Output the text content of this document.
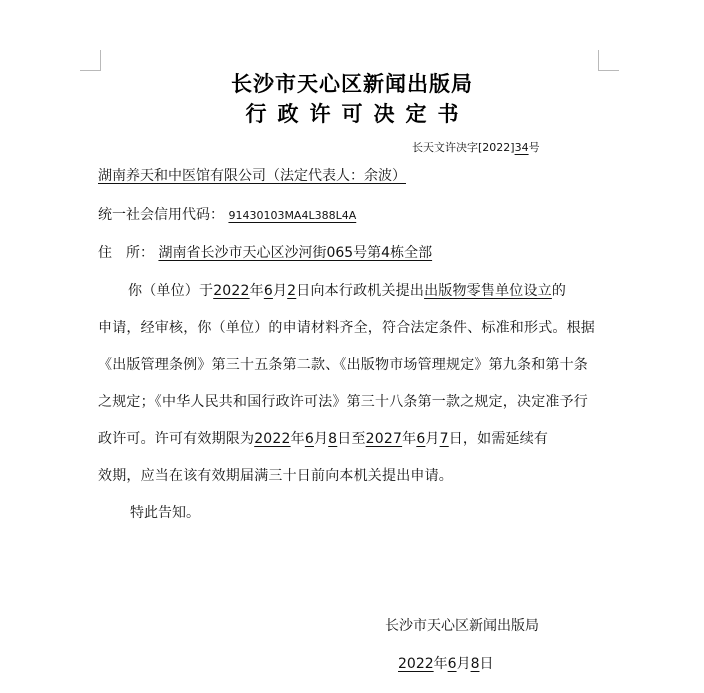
长沙市天心区新闻出版局
行政许可决定书
长天文许决字[2022]34号
湖南养天和中医馆有限公司（法定代表人：余波）
统一社会信用代码： 91430103MA4L388L4A
住　所： 湖南省长沙市天心区沙河街065号第4栋全部

你（单位）于2022年6月2日向本行政机关提出出版物零售单位设立的

申请，经审核，你（单位）的申请材料齐全，符合法定条件、标准和形式。根据

《出版管理条例》第三十五条第二款、《出版物市场管理规定》第九条和第十条

之规定；《中华人民共和国行政许可法》第三十八条第一款之规定，决定准予行

政许可。许可有效期限为2022年6月8日至2027年6月7日，如需延续有

效期，应当在该有效期届满三十日前向本机关提出申请。

特此告知。
长沙市天心区新闻出版局
2022年6月8日
